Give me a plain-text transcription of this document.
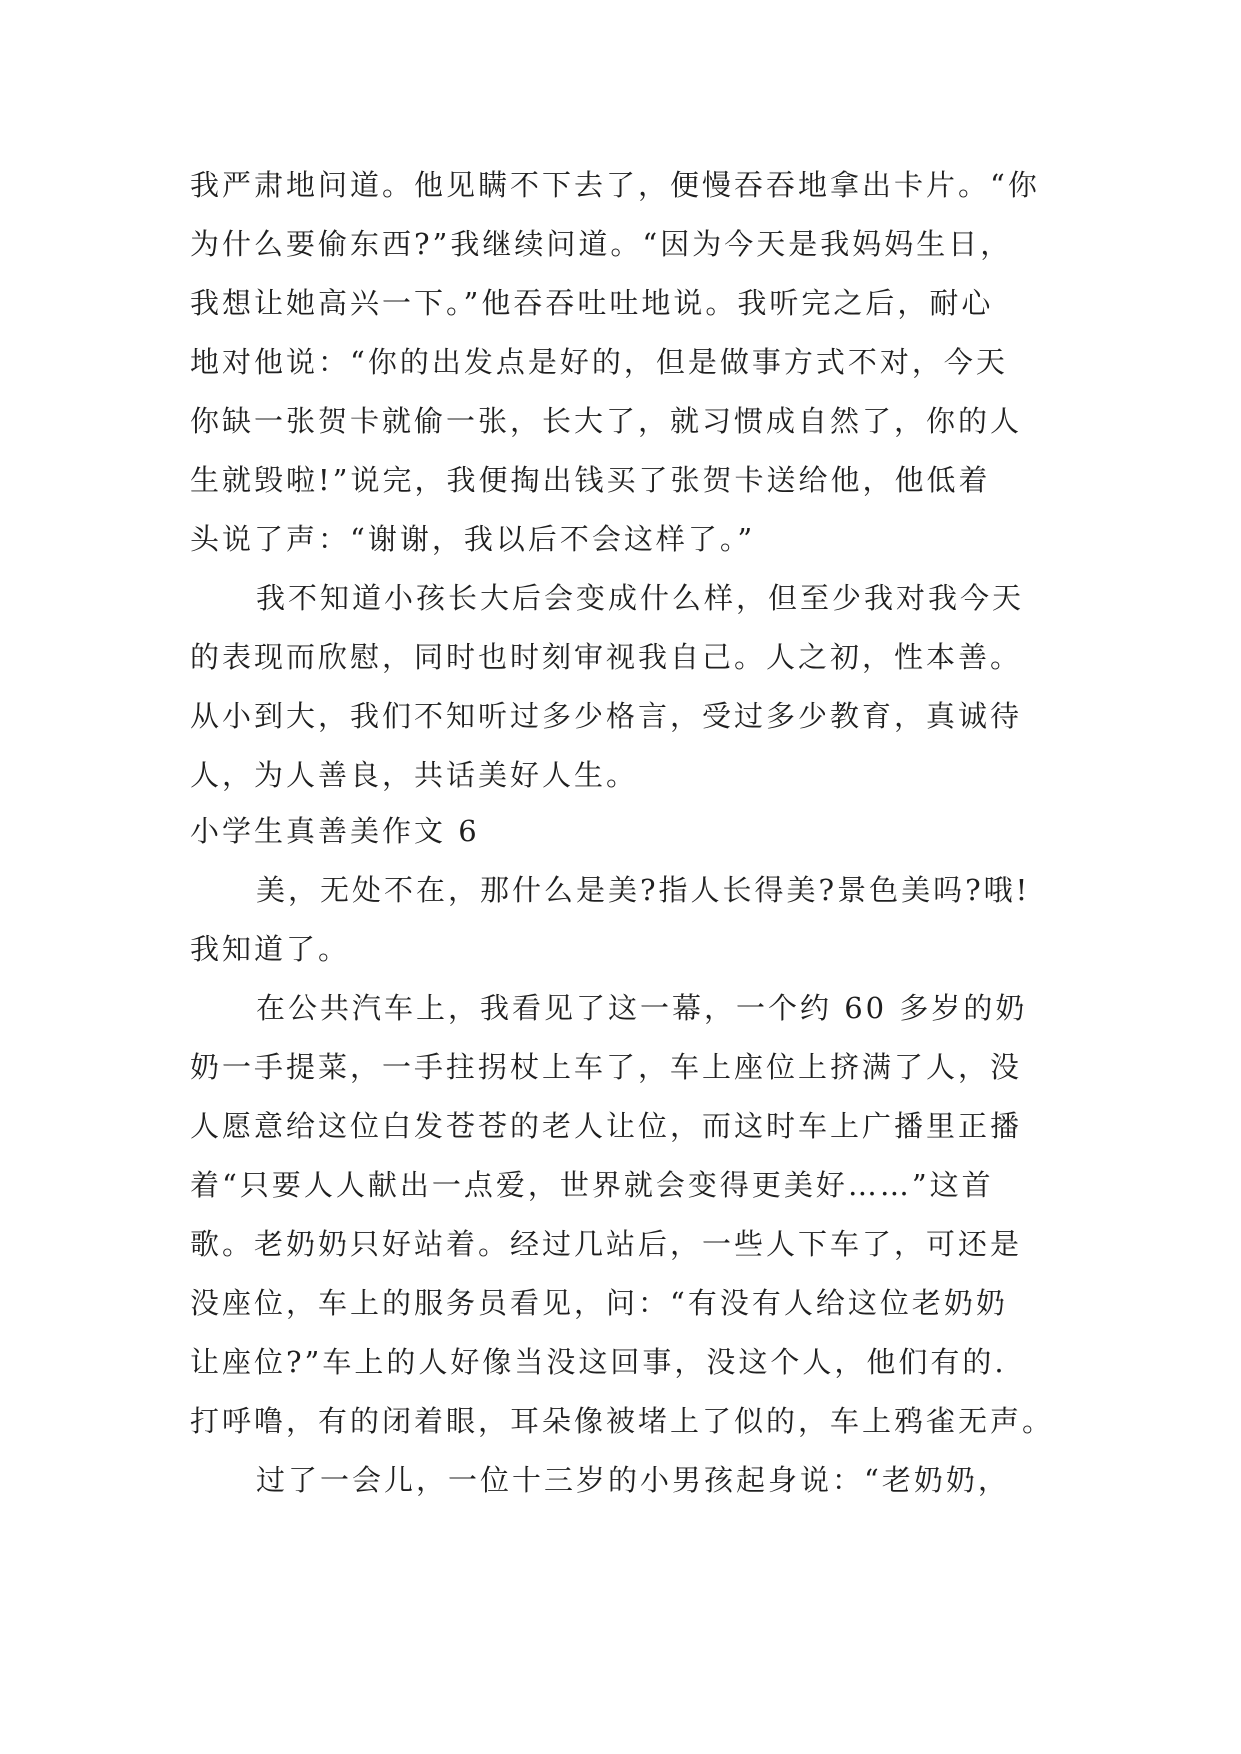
我严肃地问道。他见瞒不下去了，便慢吞吞地拿出卡片。“你
为什么要偷东西?”我继续问道。“因为今天是我妈妈生日，
我想让她高兴一下。”他吞吞吐吐地说。我听完之后，耐心
地对他说：“你的出发点是好的，但是做事方式不对，今天
你缺一张贺卡就偷一张，长大了，就习惯成自然了，你的人
生就毁啦!”说完，我便掏出钱买了张贺卡送给他，他低着
头说了声：“谢谢，我以后不会这样了。”
我不知道小孩长大后会变成什么样，但至少我对我今天
的表现而欣慰，同时也时刻审视我自己。人之初，性本善。
从小到大，我们不知听过多少格言，受过多少教育，真诚待
人，为人善良，共话美好人生。
小学生真善美作文 6
美，无处不在，那什么是美?指人长得美?景色美吗?哦!
我知道了。
在公共汽车上，我看见了这一幕，一个约 60 多岁的奶
奶一手提菜，一手拄拐杖上车了，车上座位上挤满了人，没
人愿意给这位白发苍苍的老人让位，而这时车上广播里正播
着“只要人人献出一点爱，世界就会变得更美好……”这首
歌。老奶奶只好站着。经过几站后，一些人下车了，可还是
没座位，车上的服务员看见，问：“有没有人给这位老奶奶
让座位?”车上的人好像当没这回事，没这个人，他们有的.
打呼噜，有的闭着眼，耳朵像被堵上了似的，车上鸦雀无声。
过了一会儿，一位十三岁的小男孩起身说：“老奶奶，
